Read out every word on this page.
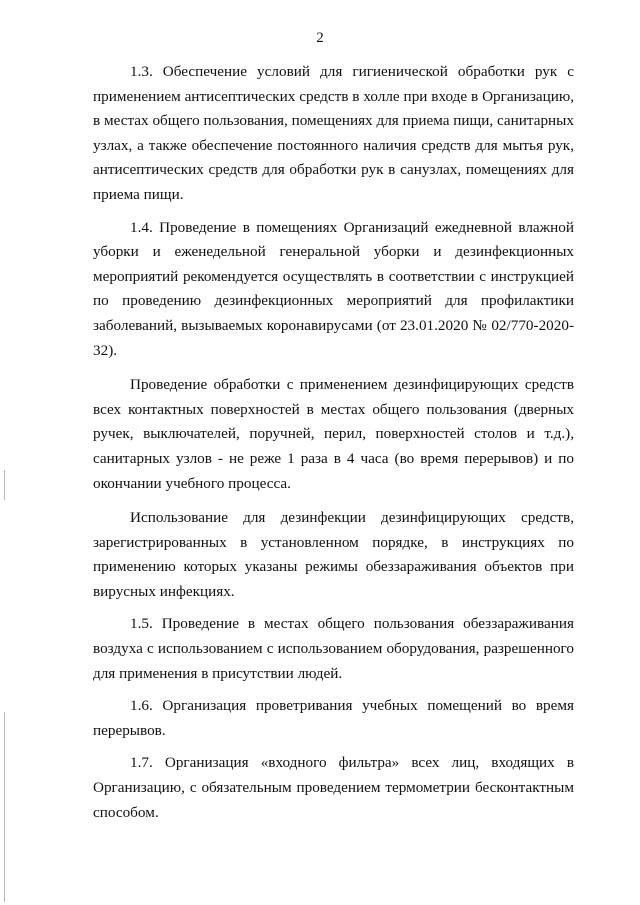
2

1.3. Обеспечение условий для гигиенической обработки рук с применением антисептических средств в холле при входе в Организацию, в местах общего пользования, помещениях для приема пищи, санитарных узлах, а также обеспечение постоянного наличия средств для мытья рук, антисептических средств для обработки рук в санузлах, помещениях для приема пищи.

1.4. Проведение в помещениях Организаций ежедневной влажной уборки и еженедельной генеральной уборки и дезинфекционных мероприятий рекомендуется осуществлять в соответствии с инструкцией по проведению дезинфекционных мероприятий для профилактики заболеваний, вызываемых коронавирусами (от 23.01.2020 № 02/770-2020-32).

Проведение обработки с применением дезинфицирующих средств всех контактных поверхностей в местах общего пользования (дверных ручек, выключателей, поручней, перил, поверхностей столов и т.д.), санитарных узлов - не реже 1 раза в 4 часа (во время перерывов) и по окончании учебного процесса.

Использование для дезинфекции дезинфицирующих средств, зарегистрированных в установленном порядке, в инструкциях по применению которых указаны режимы обеззараживания объектов при вирусных инфекциях.

1.5. Проведение в местах общего пользования обеззараживания воздуха с использованием с использованием оборудования, разрешенного для применения в присутствии людей.

1.6. Организация проветривания учебных помещений во время перерывов.

1.7. Организация «входного фильтра» всех лиц, входящих в Организацию, с обязательным проведением термометрии бесконтактным способом.
